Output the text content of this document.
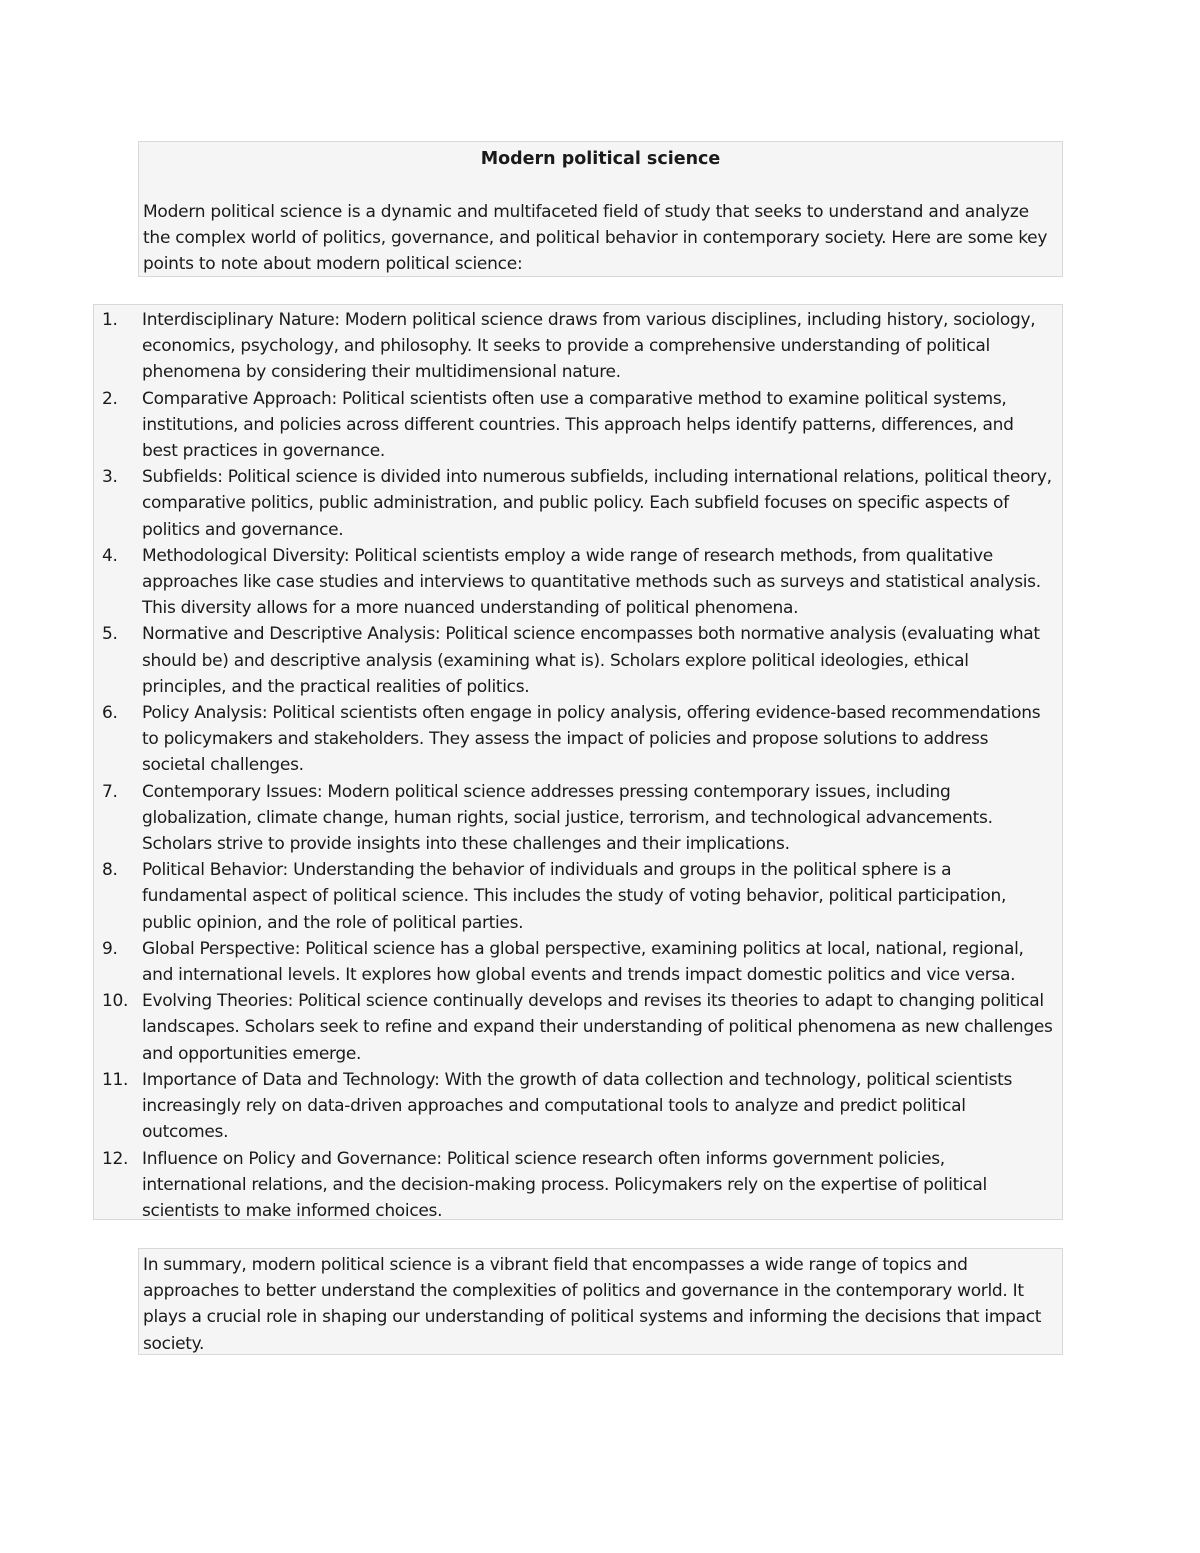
Modern political science

Modern political science is a dynamic and multifaceted field of study that seeks to understand and analyze the complex world of politics, governance, and political behavior in contemporary society. Here are some key points to note about modern political science:

1.	Interdisciplinary Nature: Modern political science draws from various disciplines, including history, sociology, economics, psychology, and philosophy. It seeks to provide a comprehensive understanding of political phenomena by considering their multidimensional nature.
2.	Comparative Approach: Political scientists often use a comparative method to examine political systems, institutions, and policies across different countries. This approach helps identify patterns, differences, and best practices in governance.
3.	Subfields: Political science is divided into numerous subfields, including international relations, political theory, comparative politics, public administration, and public policy. Each subfield focuses on specific aspects of politics and governance.
4.	Methodological Diversity: Political scientists employ a wide range of research methods, from qualitative approaches like case studies and interviews to quantitative methods such as surveys and statistical analysis. This diversity allows for a more nuanced understanding of political phenomena.
5.	Normative and Descriptive Analysis: Political science encompasses both normative analysis (evaluating what should be) and descriptive analysis (examining what is). Scholars explore political ideologies, ethical principles, and the practical realities of politics.
6.	Policy Analysis: Political scientists often engage in policy analysis, offering evidence-based recommendations to policymakers and stakeholders. They assess the impact of policies and propose solutions to address societal challenges.
7.	Contemporary Issues: Modern political science addresses pressing contemporary issues, including globalization, climate change, human rights, social justice, terrorism, and technological advancements. Scholars strive to provide insights into these challenges and their implications.
8.	Political Behavior: Understanding the behavior of individuals and groups in the political sphere is a fundamental aspect of political science. This includes the study of voting behavior, political participation, public opinion, and the role of political parties.
9.	Global Perspective: Political science has a global perspective, examining politics at local, national, regional, and international levels. It explores how global events and trends impact domestic politics and vice versa.
10. Evolving Theories: Political science continually develops and revises its theories to adapt to changing political landscapes. Scholars seek to refine and expand their understanding of political phenomena as new challenges and opportunities emerge.
11. Importance of Data and Technology: With the growth of data collection and technology, political scientists increasingly rely on data-driven approaches and computational tools to analyze and predict political outcomes.
12. Influence on Policy and Governance: Political science research often informs government policies, international relations, and the decision-making process. Policymakers rely on the expertise of political scientists to make informed choices.

In summary, modern political science is a vibrant field that encompasses a wide range of topics and approaches to better understand the complexities of politics and governance in the contemporary world. It plays a crucial role in shaping our understanding of political systems and informing the decisions that impact society.
